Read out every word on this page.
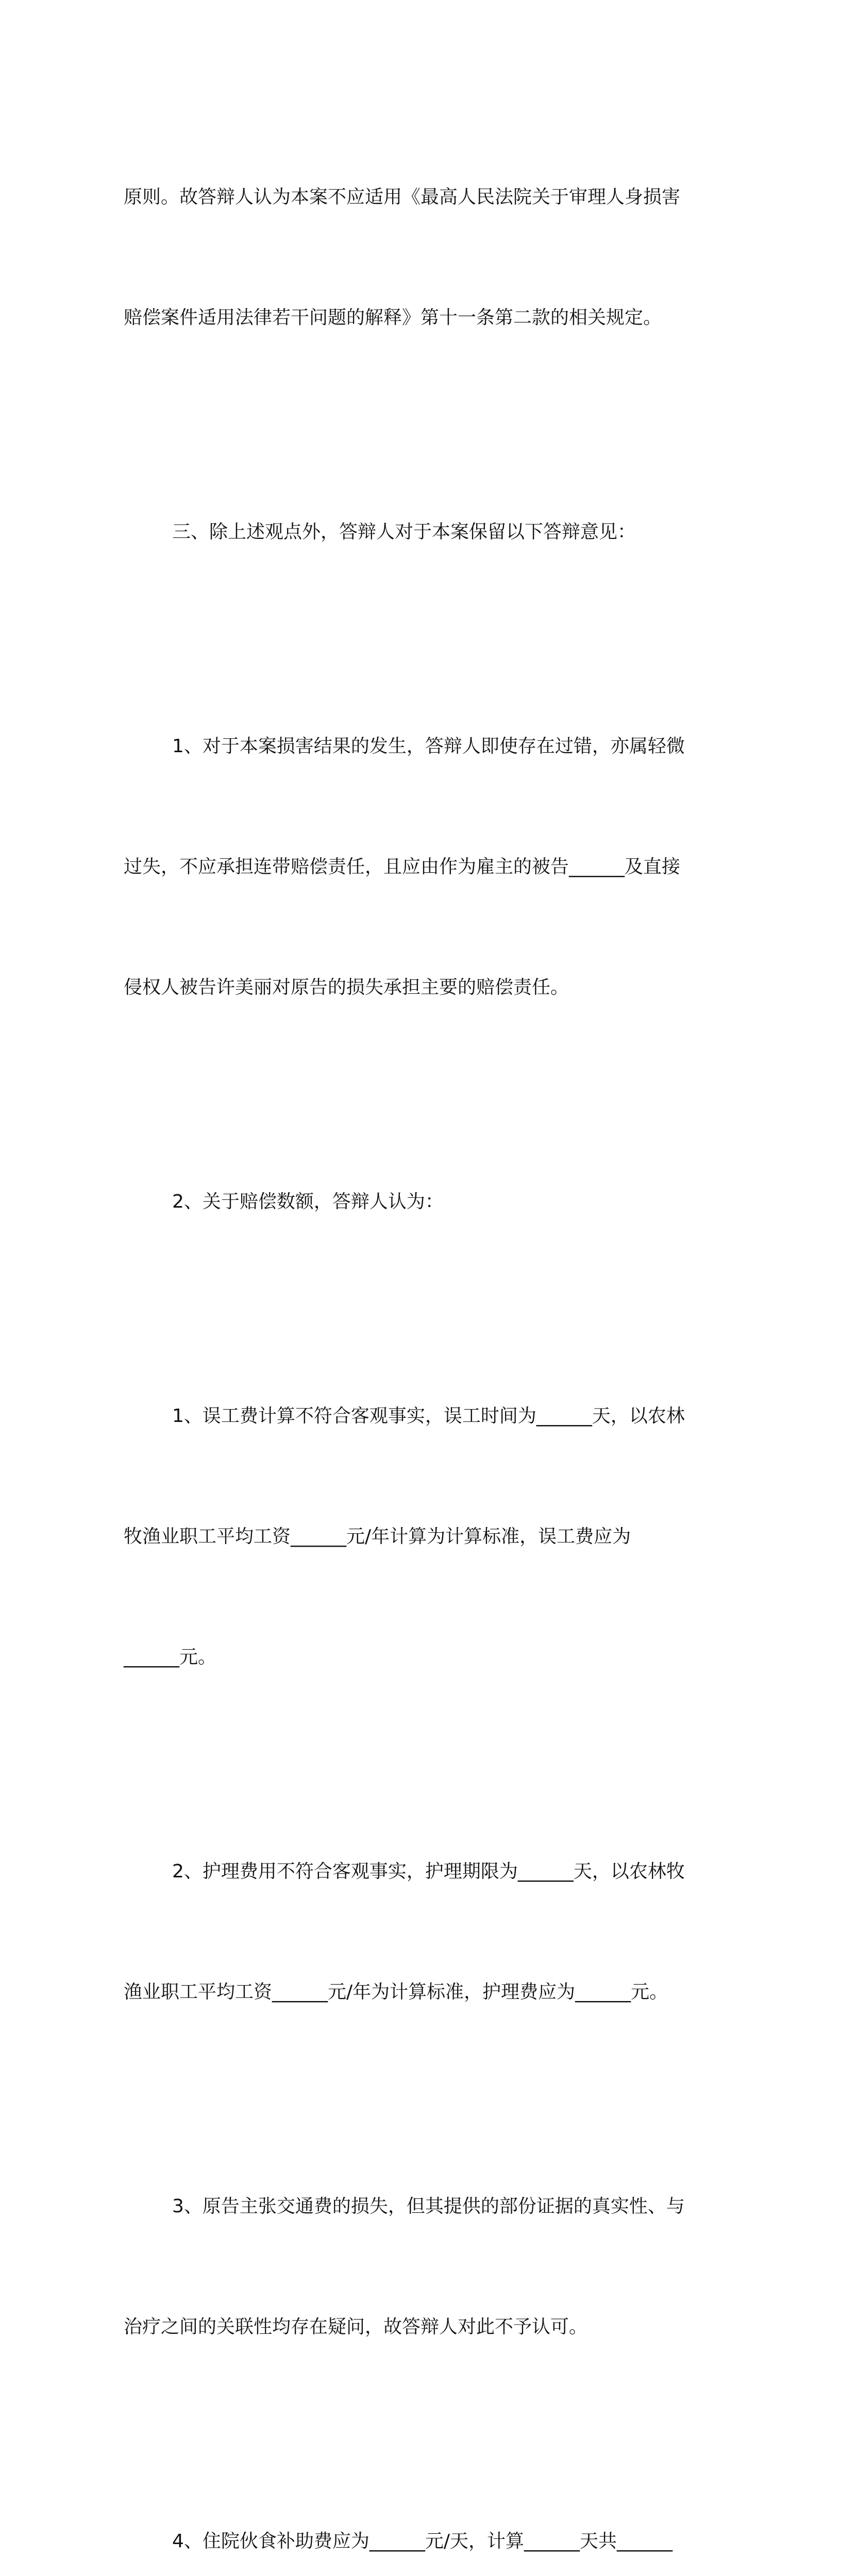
原则。故答辩人认为本案不应适用《最高人民法院关于审理人身损害

赔偿案件适用法律若干问题的解释》第十一条第二款的相关规定。

三、除上述观点外，答辩人对于本案保留以下答辩意见：

1、对于本案损害结果的发生，答辩人即使存在过错，亦属轻微

过失，不应承担连带赔偿责任，且应由作为雇主的被告______及直接

侵权人被告许美丽对原告的损失承担主要的赔偿责任。

2、关于赔偿数额，答辩人认为：

1、误工费计算不符合客观事实，误工时间为______天，以农林

牧渔业职工平均工资______元/年计算为计算标准，误工费应为

______元。

2、护理费用不符合客观事实，护理期限为______天，以农林牧

渔业职工平均工资______元/年为计算标准，护理费应为______元。

3、原告主张交通费的损失，但其提供的部份证据的真实性、与

治疗之间的关联性均存在疑问，故答辩人对此不予认可。

4、住院伙食补助费应为______元/天，计算______天共______
